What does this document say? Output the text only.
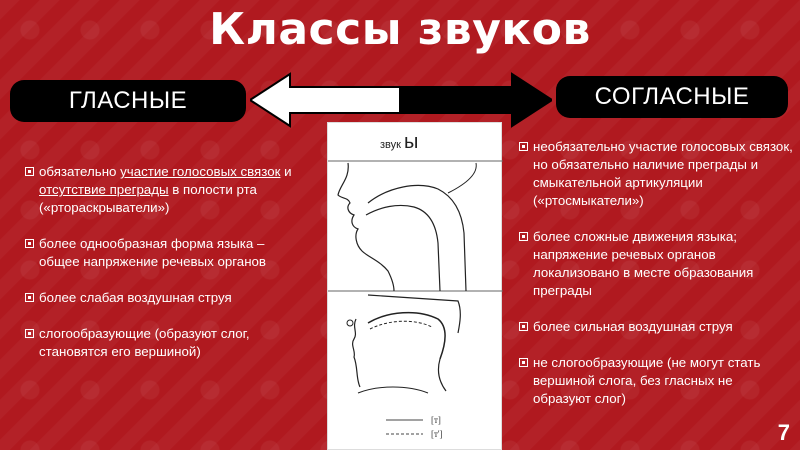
Классы звуков
ГЛАСНЫЕ	СОГЛАСНЫЕ
звук ы
[т]
[т']
обязательно участие голосовых связок и отсутствие преграды в полости рта («рторaскрыватели»)
более однообразная форма языка – общее напряжение речевых органов
более слабая воздушная струя
слогообразующие (образуют слог, становятся его вершиной)
необязательно участие голосовых связок, но обязательно наличие преграды и смыкательной артикуляции («ртосмыкатели»)
более сложные движения языка; напряжение речевых органов локализовано в месте образования преграды
более сильная воздушная струя
не слогообразующие (не могут стать вершиной слога, без гласных не образуют слог)
7
